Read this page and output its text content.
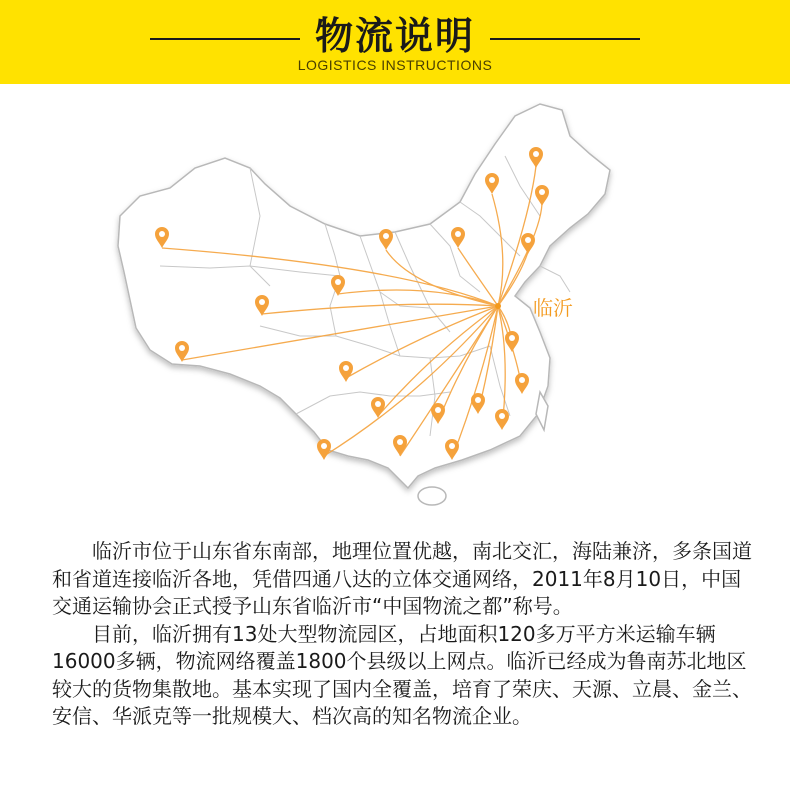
物流说明
LOGISTICS INSTRUCTIONS
临沂

临沂市位于山东省东南部，地理位置优越，南北交汇，海陆兼济，多条国道和省道连接临沂各地，凭借四通八达的立体交通网络，2011年8月10日，中国交通运输协会正式授予山东省临沂市“中国物流之都”称号。

目前，临沂拥有13处大型物流园区，占地面积120多万平方米运输车辆16000多辆，物流网络覆盖1800个县级以上网点。临沂已经成为鲁南苏北地区较大的货物集散地。基本实现了国内全覆盖，培育了荣庆、天源、立晨、金兰、安信、华派克等一批规模大、档次高的知名物流企业。
